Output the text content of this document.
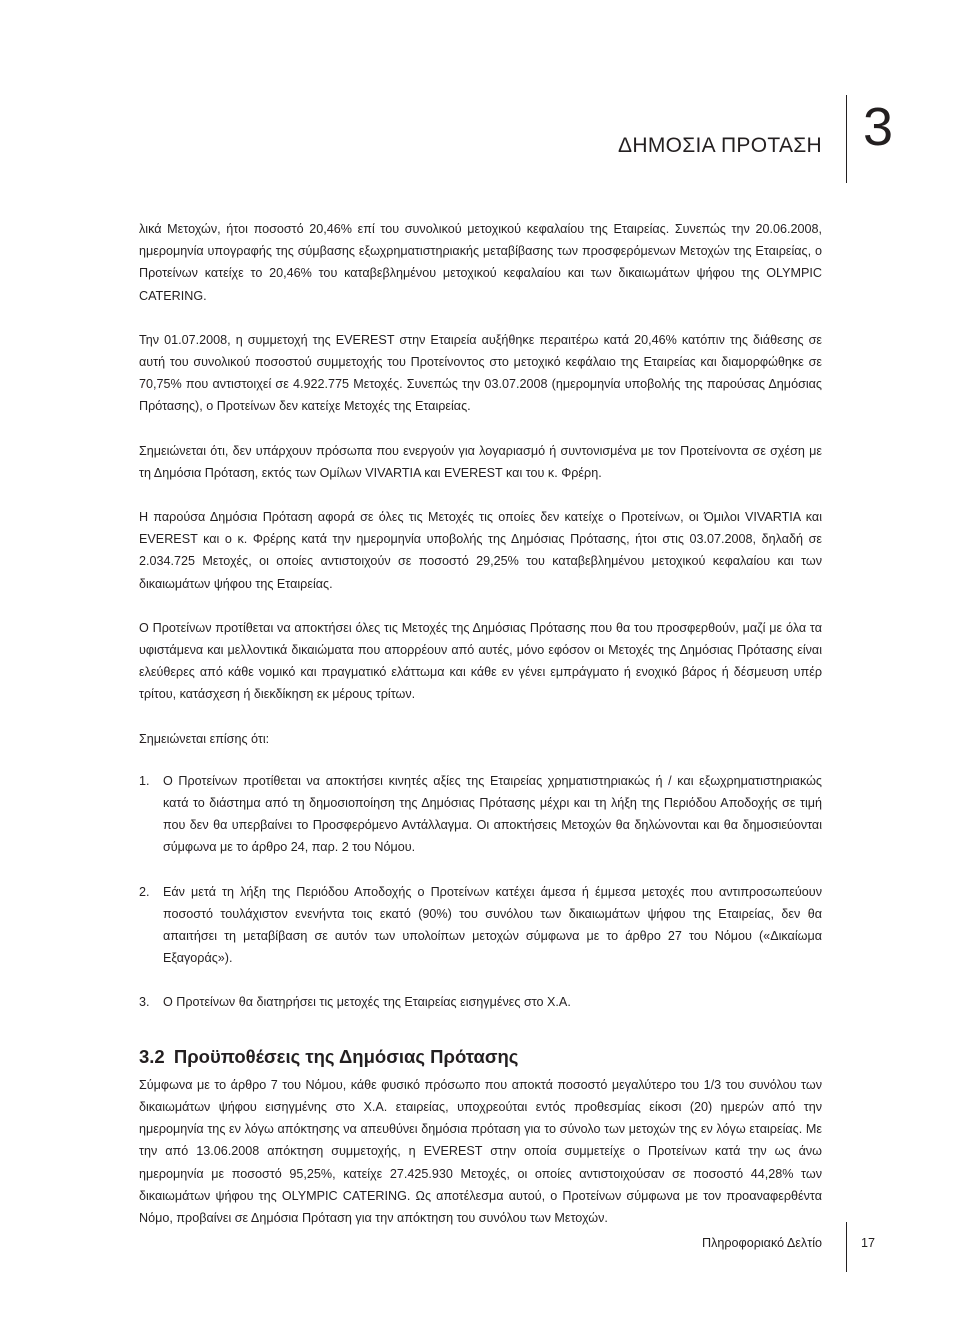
ΔΗΜΟΣΙΑ ΠΡΟΤΑΣΗ 3

λικά Μετοχών, ήτοι ποσοστό 20,46% επί του συνολικού μετοχικού κεφαλαίου της Εταιρείας. Συνεπώς την 20.06.2008, ημερομηνία υπογραφής της σύμβασης εξωχρηματιστηριακής μεταβίβασης των προσφερόμενων Μετοχών της Εταιρείας, ο Προτείνων κατείχε το 20,46% του καταβεβλημένου μετοχικού κεφαλαίου και των δικαιωμάτων ψήφου της OLYMPIC CATERING.

Την 01.07.2008, η συμμετοχή της EVEREST στην Εταιρεία αυξήθηκε περαιτέρω κατά 20,46% κατόπιν της διάθεσης σε αυτή του συνολικού ποσοστού συμμετοχής του Προτείνοντος στο μετοχικό κεφάλαιο της Εταιρείας και διαμορφώθηκε σε 70,75% που αντιστοιχεί σε 4.922.775 Μετοχές. Συνεπώς την 03.07.2008 (ημερομηνία υποβολής της παρούσας Δημόσιας Πρότασης), ο Προτείνων δεν κατείχε Μετοχές της Εταιρείας.

Σημειώνεται ότι, δεν υπάρχουν πρόσωπα που ενεργούν για λογαριασμό ή συντονισμένα με τον Προτείνοντα σε σχέση με τη Δημόσια Πρόταση, εκτός των Ομίλων VIVARTIA και EVEREST και του κ. Φρέρη.

Η παρούσα Δημόσια Πρόταση αφορά σε όλες τις Μετοχές τις οποίες δεν κατείχε ο Προτείνων, οι Όμιλοι VIVARTIA και EVEREST και ο κ. Φρέρης κατά την ημερομηνία υποβολής της Δημόσιας Πρότασης, ήτοι στις 03.07.2008, δηλαδή σε 2.034.725 Μετοχές, οι οποίες αντιστοιχούν σε ποσοστό 29,25% του καταβεβλημένου μετοχικού κεφαλαίου και των δικαιωμάτων ψήφου της Εταιρείας.

Ο Προτείνων προτίθεται να αποκτήσει όλες τις Μετοχές της Δημόσιας Πρότασης που θα του προσφερθούν, μαζί με όλα τα υφιστάμενα και μελλοντικά δικαιώματα που απορρέουν από αυτές, μόνο εφόσον οι Μετοχές της Δημόσιας Πρότασης είναι ελεύθερες από κάθε νομικό και πραγματικό ελάττωμα και κάθε εν γένει εμπράγματο ή ενοχικό βάρος ή δέσμευση υπέρ τρίτου, κατάσχεση ή διεκδίκηση εκ μέρους τρίτων.

Σημειώνεται επίσης ότι:

1. Ο Προτείνων προτίθεται να αποκτήσει κινητές αξίες της Εταιρείας χρηματιστηριακώς ή / και εξωχρηματιστηριακώς κατά το διάστημα από τη δημοσιοποίηση της Δημόσιας Πρότασης μέχρι και τη λήξη της Περιόδου Αποδοχής σε τιμή που δεν θα υπερβαίνει το Προσφερόμενο Αντάλλαγμα. Οι αποκτήσεις Μετοχών θα δηλώνονται και θα δημοσιεύονται σύμφωνα με το άρθρο 24, παρ. 2 του Νόμου.
2. Εάν μετά τη λήξη της Περιόδου Αποδοχής ο Προτείνων κατέχει άμεσα ή έμμεσα μετοχές που αντιπροσωπεύουν ποσοστό τουλάχιστον ενενήντα τοις εκατό (90%) του συνόλου των δικαιωμάτων ψήφου της Εταιρείας, δεν θα απαιτήσει τη μεταβίβαση σε αυτόν των υπολοίπων μετοχών σύμφωνα με το άρθρο 27 του Νόμου («Δικαίωμα Εξαγοράς»).
3. Ο Προτείνων θα διατηρήσει τις μετοχές της Εταιρείας εισηγμένες στο Χ.Α.
3.2 Προϋποθέσεις της Δημόσιας Πρότασης

Σύμφωνα με το άρθρο 7 του Νόμου, κάθε φυσικό πρόσωπο που αποκτά ποσοστό μεγαλύτερο του 1/3 του συνόλου των δικαιωμάτων ψήφου εισηγμένης στο Χ.Α. εταιρείας, υποχρεούται εντός προθεσμίας είκοσι (20) ημερών από την ημερομηνία της εν λόγω απόκτησης να απευθύνει δημόσια πρόταση για το σύνολο των μετοχών της εν λόγω εταιρείας. Με την από 13.06.2008 απόκτηση συμμετοχής, η EVEREST στην οποία συμμετείχε ο Προτείνων κατά την ως άνω ημερομηνία με ποσοστό 95,25%, κατείχε 27.425.930 Μετοχές, οι οποίες αντιστοιχούσαν σε ποσοστό 44,28% των δικαιωμάτων ψήφου της OLYMPIC CATERING. Ως αποτέλεσμα αυτού, ο Προτείνων σύμφωνα με τον προαναφερθέντα Νόμο, προβαίνει σε Δημόσια Πρόταση για την απόκτηση του συνόλου των Μετοχών.

Πληροφοριακό Δελτίο	17
